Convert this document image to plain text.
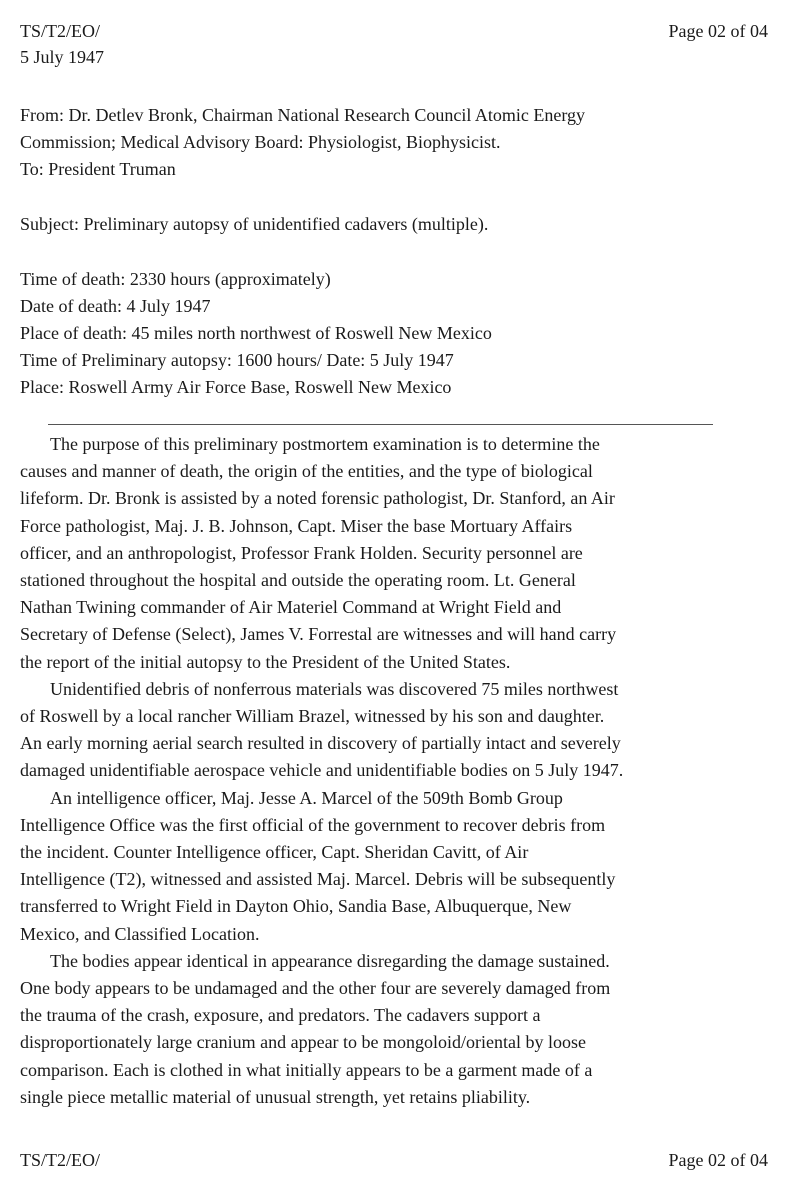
TS/T2/EO/	Page 02 of 04
5 July 1947
From: Dr. Detlev Bronk, Chairman National Research Council Atomic Energy
Commission; Medical Advisory Board: Physiologist, Biophysicist.
To: President Truman
Subject: Preliminary autopsy of unidentified cadavers (multiple).
Time of death: 2330 hours (approximately)
Date of death: 4 July 1947
Place of death: 45 miles north northwest of Roswell New Mexico
Time of Preliminary autopsy: 1600 hours/ Date: 5 July 1947
Place: Roswell Army Air Force Base, Roswell New Mexico
The purpose of this preliminary postmortem examination is to determine the
causes and manner of death, the origin of the entities, and the type of biological
lifeform. Dr. Bronk is assisted by a noted forensic pathologist, Dr. Stanford, an Air
Force pathologist, Maj. J. B. Johnson, Capt. Miser the base Mortuary Affairs
officer, and an anthropologist, Professor Frank Holden. Security personnel are
stationed throughout the hospital and outside the operating room. Lt. General
Nathan Twining commander of Air Materiel Command at Wright Field and
Secretary of Defense (Select), James V. Forrestal are witnesses and will hand carry
the report of the initial autopsy to the President of the United States.
Unidentified debris of nonferrous materials was discovered 75 miles northwest
of Roswell by a local rancher William Brazel, witnessed by his son and daughter.
An early morning aerial search resulted in discovery of partially intact and severely
damaged unidentifiable aerospace vehicle and unidentifiable bodies on 5 July 1947.
An intelligence officer, Maj. Jesse A. Marcel of the 509th Bomb Group
Intelligence Office was the first official of the government to recover debris from
the incident. Counter Intelligence officer, Capt. Sheridan Cavitt, of Air
Intelligence (T2), witnessed and assisted Maj. Marcel. Debris will be subsequently
transferred to Wright Field in Dayton Ohio, Sandia Base, Albuquerque, New
Mexico, and Classified Location.
The bodies appear identical in appearance disregarding the damage sustained.
One body appears to be undamaged and the other four are severely damaged from
the trauma of the crash, exposure, and predators. The cadavers support a
disproportionately large cranium and appear to be mongoloid/oriental by loose
comparison. Each is clothed in what initially appears to be a garment made of a
single piece metallic material of unusual strength, yet retains pliability.
TS/T2/EO/	Page 02 of 04
